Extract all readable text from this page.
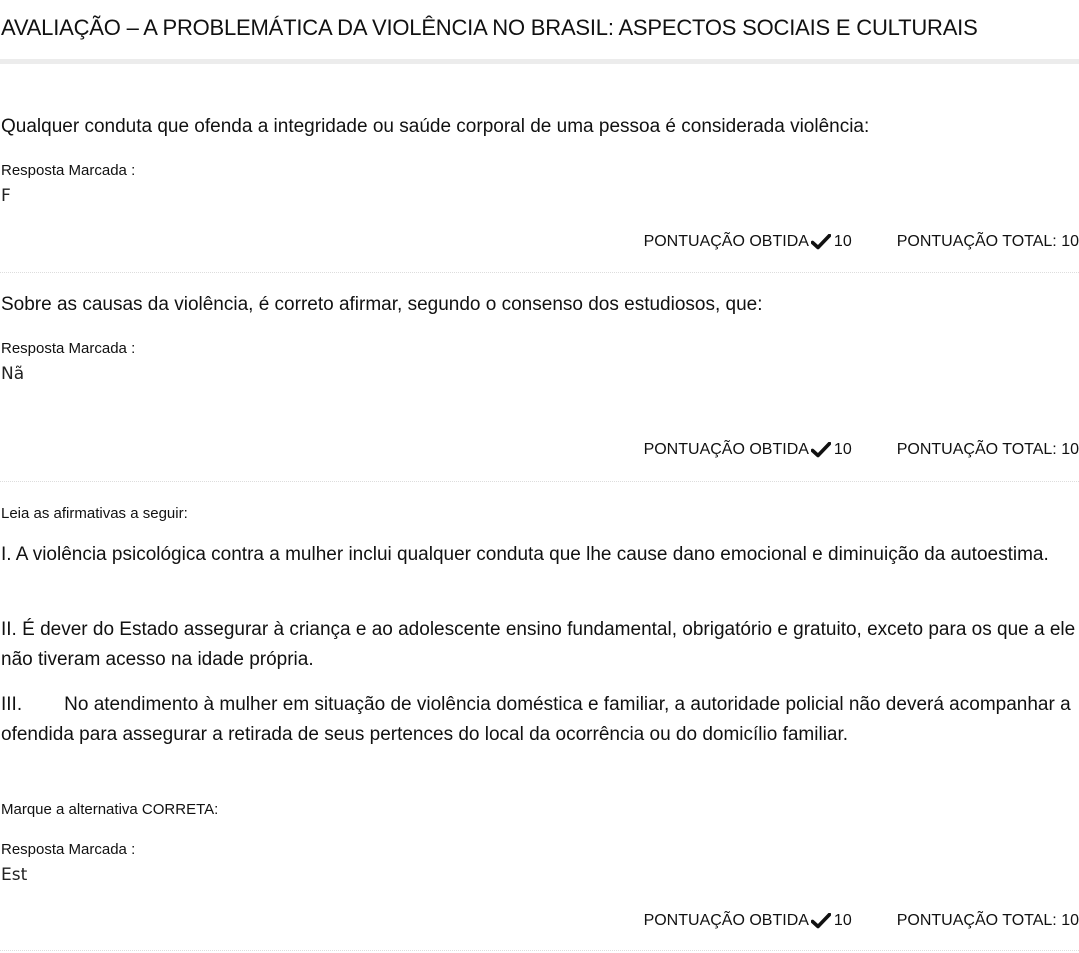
AVALIAÇÃO – A PROBLEMÁTICA DA VIOLÊNCIA NO BRASIL: ASPECTOS SOCIAIS E CULTURAIS

Qualquer conduta que ofenda a integridade ou saúde corporal de uma pessoa é considerada violência:

Resposta Marcada :

F

PONTUAÇÃO OBTIDA 10	PONTUAÇÃO TOTAL: 10

Sobre as causas da violência, é correto afirmar, segundo o consenso dos estudiosos, que:

Resposta Marcada :

Nã

PONTUAÇÃO OBTIDA 10	PONTUAÇÃO TOTAL: 10

Leia as afirmativas a seguir:

I. A violência psicológica contra a mulher inclui qualquer conduta que lhe cause dano emocional e diminuição da autoestima.

II. É dever do Estado assegurar à criança e ao adolescente ensino fundamental, obrigatório e gratuito, exceto para os que a ele não tiveram acesso na idade própria.

III. No atendimento à mulher em situação de violência doméstica e familiar, a autoridade policial não deverá acompanhar a ofendida para assegurar a retirada de seus pertences do local da ocorrência ou do domicílio familiar.

Marque a alternativa CORRETA:

Resposta Marcada :

Est

PONTUAÇÃO OBTIDA 10	PONTUAÇÃO TOTAL: 10
